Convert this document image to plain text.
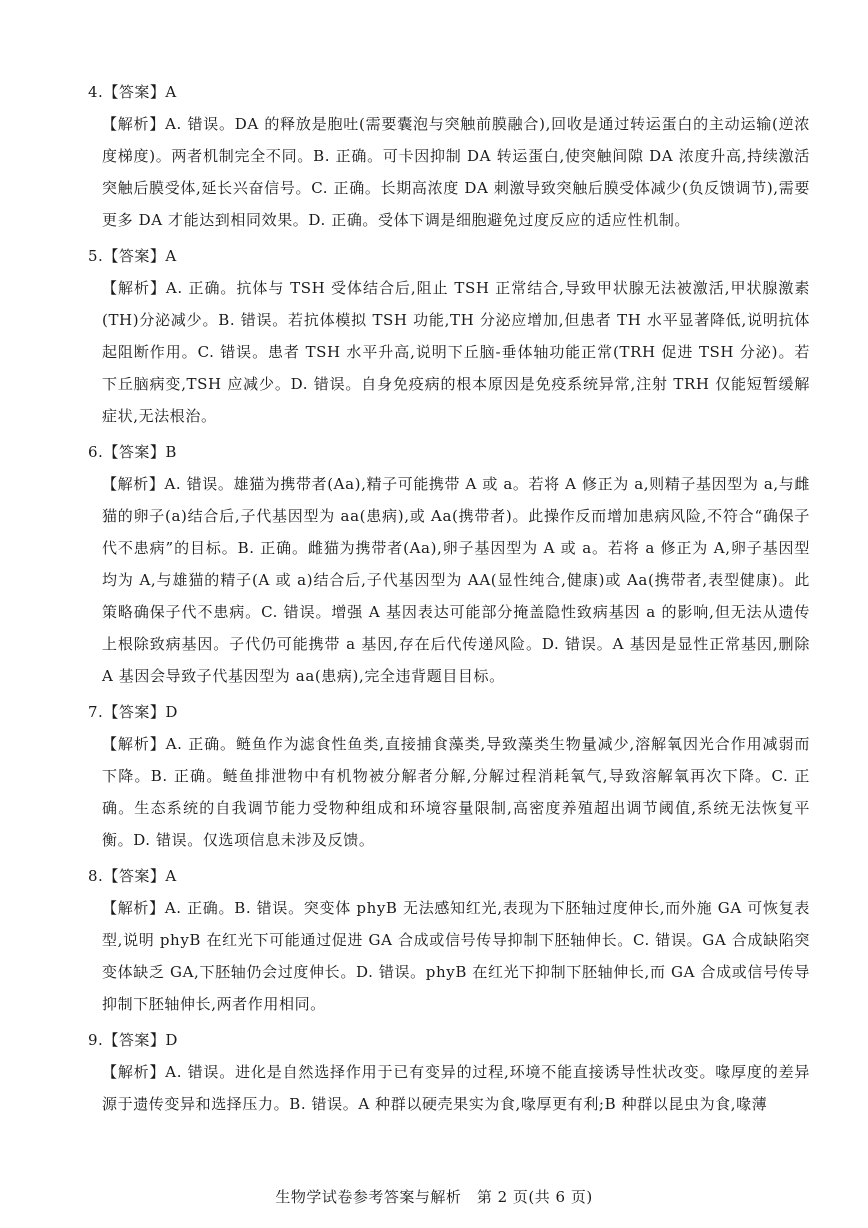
4.【答案】A

【解析】A. 错误。DA 的释放是胞吐(需要囊泡与突触前膜融合),回收是通过转运蛋白的主动运输(逆浓度梯度)。两者机制完全不同。B. 正确。可卡因抑制 DA 转运蛋白,使突触间隙 DA 浓度升高,持续激活突触后膜受体,延长兴奋信号。C. 正确。长期高浓度 DA 刺激导致突触后膜受体减少(负反馈调节),需要更多 DA 才能达到相同效果。D. 正确。受体下调是细胞避免过度反应的适应性机制。

5.【答案】A

【解析】A. 正确。抗体与 TSH 受体结合后,阻止 TSH 正常结合,导致甲状腺无法被激活,甲状腺激素(TH)分泌减少。B. 错误。若抗体模拟 TSH 功能,TH 分泌应增加,但患者 TH 水平显著降低,说明抗体起阻断作用。C. 错误。患者 TSH 水平升高,说明下丘脑-垂体轴功能正常(TRH 促进 TSH 分泌)。若下丘脑病变,TSH 应减少。D. 错误。自身免疫病的根本原因是免疫系统异常,注射 TRH 仅能短暂缓解症状,无法根治。

6.【答案】B

【解析】A. 错误。雄猫为携带者(Aa),精子可能携带 A 或 a。若将 A 修正为 a,则精子基因型为 a,与雌猫的卵子(a)结合后,子代基因型为 aa(患病),或 Aa(携带者)。此操作反而增加患病风险,不符合“确保子代不患病”的目标。B. 正确。雌猫为携带者(Aa),卵子基因型为 A 或 a。若将 a 修正为 A,卵子基因型均为 A,与雄猫的精子(A 或 a)结合后,子代基因型为 AA(显性纯合,健康)或 Aa(携带者,表型健康)。此策略确保子代不患病。C. 错误。增强 A 基因表达可能部分掩盖隐性致病基因 a 的影响,但无法从遗传上根除致病基因。子代仍可能携带 a 基因,存在后代传递风险。D. 错误。A 基因是显性正常基因,删除 A 基因会导致子代基因型为 aa(患病),完全违背题目目标。

7.【答案】D

【解析】A. 正确。鲢鱼作为滤食性鱼类,直接捕食藻类,导致藻类生物量减少,溶解氧因光合作用减弱而下降。B. 正确。鲢鱼排泄物中有机物被分解者分解,分解过程消耗氧气,导致溶解氧再次下降。C. 正确。生态系统的自我调节能力受物种组成和环境容量限制,高密度养殖超出调节阈值,系统无法恢复平衡。D. 错误。仅选项信息未涉及反馈。

8.【答案】A

【解析】A. 正确。B. 错误。突变体 phyB 无法感知红光,表现为下胚轴过度伸长,而外施 GA 可恢复表型,说明 phyB 在红光下可能通过促进 GA 合成或信号传导抑制下胚轴伸长。C. 错误。GA 合成缺陷突变体缺乏 GA,下胚轴仍会过度伸长。D. 错误。phyB 在红光下抑制下胚轴伸长,而 GA 合成或信号传导抑制下胚轴伸长,两者作用相同。

9.【答案】D

【解析】A. 错误。进化是自然选择作用于已有变异的过程,环境不能直接诱导性状改变。喙厚度的差异源于遗传变异和选择压力。B. 错误。A 种群以硬壳果实为食,喙厚更有利;B 种群以昆虫为食,喙薄

生物学试卷参考答案与解析　第 2 页(共 6 页)
